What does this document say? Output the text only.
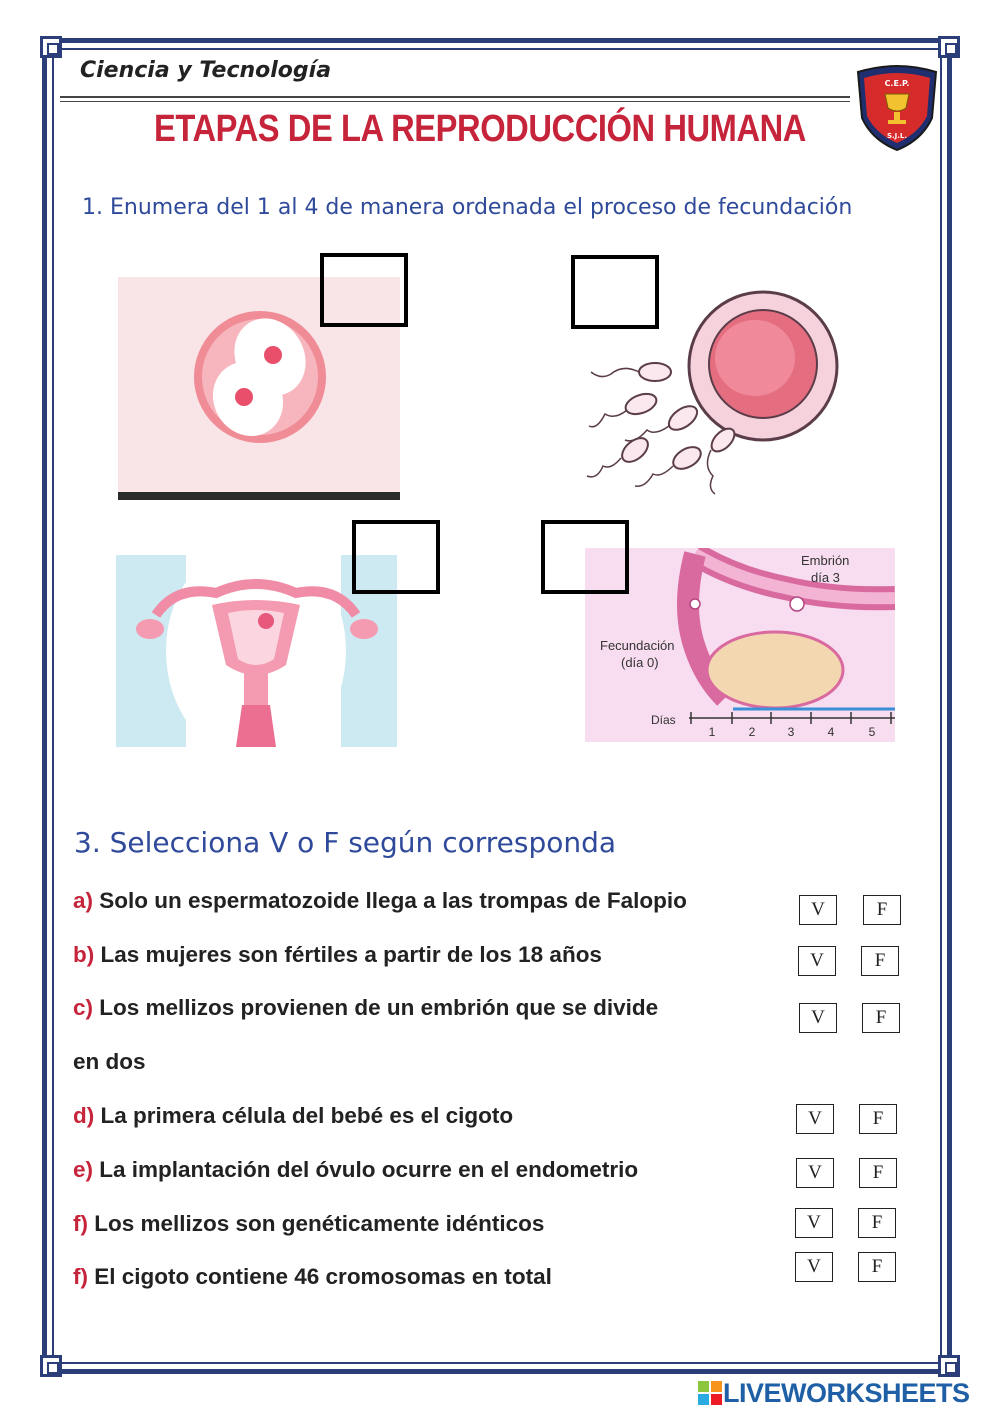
Ciencia y Tecnología
ETAPAS DE LA REPRODUCCIÓN HUMANA
C.E.P.
S.J.L.
1. Enumera del 1 al 4 de manera ordenada el proceso de fecundación
Embrión
día 3
Fecundación
(día 0)
Días
1	2	3	4	5
3. Selecciona V o F según corresponda
a) Solo un espermatozoide llega a las trompas de Falopio	V	F
b) Las mujeres son fértiles a partir de los 18 años	V	F
c) Los mellizos provienen de un embrión que se divide
en dos
V	F
d) La primera célula del bebé es el cigoto	V	F
e) La implantación del óvulo ocurre en el endometrio	V	F
f) Los mellizos son genéticamente idénticos	V	F
f) El cigoto contiene 46 cromosomas en total	V	F
LIVEWORKSHEETS
